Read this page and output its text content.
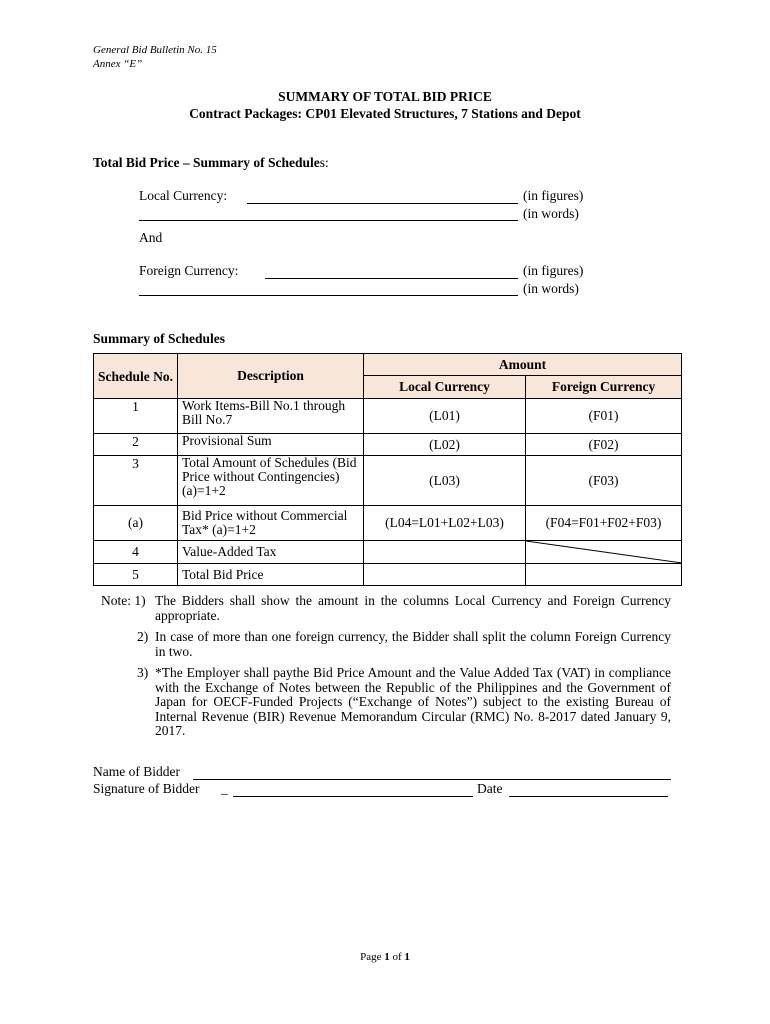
General Bid Bulletin No. 15
Annex “E”
SUMMARY OF TOTAL BID PRICE
Contract Packages: CP01 Elevated Structures, 7 Stations and Depot
Total Bid Price – Summary of Schedules:
Local Currency:	(in figures)
(in words)
And
Foreign Currency:	(in figures)
(in words)
Summary of Schedules
Schedule No.	Description	Amount	
		Local Currency	Foreign Currency
1	Work Items-Bill No.1 through Bill No.7	(L01)	(F01)
2	Provisional Sum	(L02)	(F02)
3	Total Amount of Schedules (Bid Price without Contingencies) (a)=1+2	(L03)	(F03)
(a)	Bid Price without Commercial Tax* (a)=1+2	(L04=L01+L02+L03)	(F04=F01+F02+F03)
4	Value-Added Tax		

5	Total Bid Price		
Note: 1) The Bidders shall show the amount in the columns Local Currency and Foreign Currency appropriate.
2) In case of more than one foreign currency, the Bidder shall split the column Foreign Currency in two.
3) *The Employer shall paythe Bid Price Amount and the Value Added Tax (VAT) in compliance with the Exchange of Notes between the Republic of the Philippines and the Government of Japan for OECF-Funded Projects (“Exchange of Notes”) subject to the existing Bureau of Internal Revenue (BIR) Revenue Memorandum Circular (RMC) No. 8-2017 dated January 9, 2017.
Name of Bidder
Signature of Bidder _	Date
Page 1 of 1
